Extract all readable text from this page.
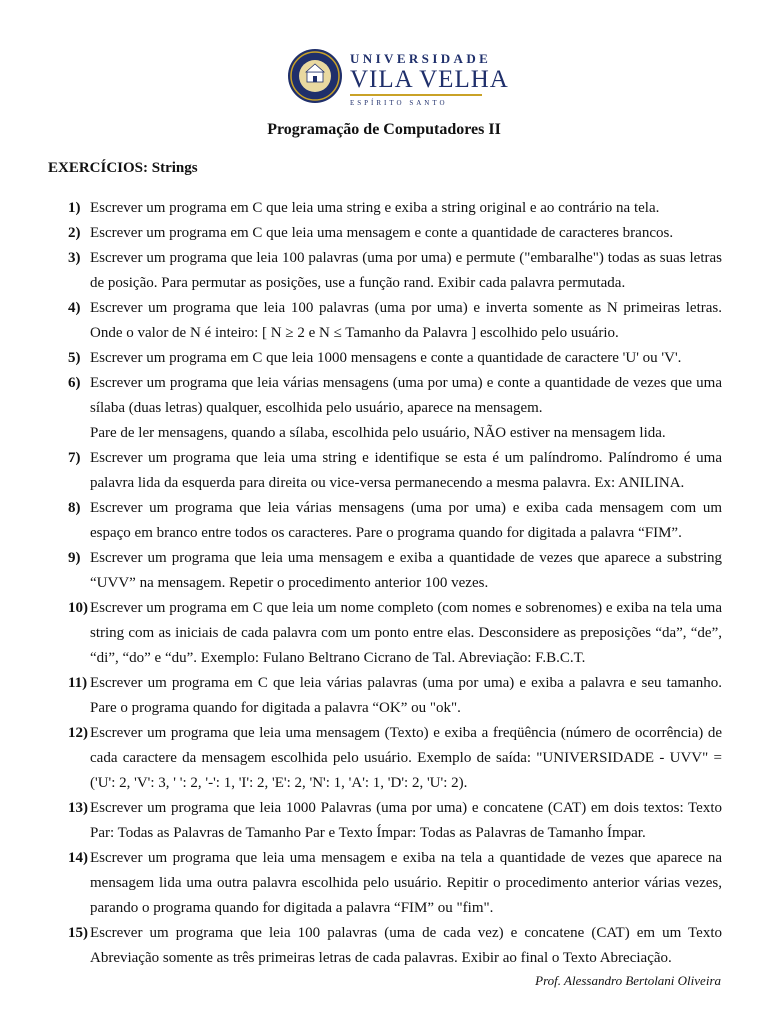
UNIVERSIDADE
VILA VELHA
ESPÍRITO SANTO
Programação de Computadores II
EXERCÍCIOS: Strings
1) Escrever um programa em C que leia uma string e exiba a string original e ao contrário na tela.

2) Escrever um programa em C que leia uma mensagem e conte a quantidade de caracteres brancos.

3) Escrever um programa que leia 100 palavras (uma por uma) e permute ("embaralhe") todas as suas letras de posição. Para permutar as posições, use a função rand. Exibir cada palavra permutada.

4) Escrever um programa que leia 100 palavras (uma por uma) e inverta somente as N primeiras letras. Onde o valor de N é inteiro: [ N ≥ 2 e N ≤ Tamanho da Palavra ] escolhido pelo usuário.

5) Escrever um programa em C que leia 1000 mensagens e conte a quantidade de caractere 'U' ou 'V'.

6) Escrever um programa que leia várias mensagens (uma por uma) e conte a quantidade de vezes que uma sílaba (duas letras) qualquer, escolhida pelo usuário, aparece na mensagem.

Pare de ler mensagens, quando a sílaba, escolhida pelo usuário, NÃO estiver na mensagem lida.

7) Escrever um programa que leia uma string e identifique se esta é um palíndromo. Palíndromo é uma palavra lida da esquerda para direita ou vice-versa permanecendo a mesma palavra. Ex: ANILINA.

8) Escrever um programa que leia várias mensagens (uma por uma) e exiba cada mensagem com um espaço em branco entre todos os caracteres. Pare o programa quando for digitada a palavra “FIM”.

9) Escrever um programa que leia uma mensagem e exiba a quantidade de vezes que aparece a substring “UVV” na mensagem. Repetir o procedimento anterior 100 vezes.

10) Escrever um programa em C que leia um nome completo (com nomes e sobrenomes) e exiba na tela uma string com as iniciais de cada palavra com um ponto entre elas. Desconsidere as preposições “da”, “de”, “di”, “do” e “du”. Exemplo: Fulano Beltrano Cicrano de Tal. Abreviação: F.B.C.T.

11) Escrever um programa em C que leia várias palavras (uma por uma) e exiba a palavra e seu tamanho. Pare o programa quando for digitada a palavra “OK” ou "ok".

12) Escrever um programa que leia uma mensagem (Texto) e exiba a freqüência (número de ocorrência) de cada caractere da mensagem escolhida pelo usuário. Exemplo de saída: "UNIVERSIDADE - UVV" = ('U': 2, 'V': 3, ' ': 2, '-': 1, 'I': 2, 'E': 2, 'N': 1, 'A': 1, 'D': 2, 'U': 2).

13) Escrever um programa que leia 1000 Palavras (uma por uma) e concatene (CAT) em dois textos: Texto Par: Todas as Palavras de Tamanho Par e Texto Ímpar: Todas as Palavras de Tamanho Ímpar.

14) Escrever um programa que leia uma mensagem e exiba na tela a quantidade de vezes que aparece na mensagem lida uma outra palavra escolhida pelo usuário. Repitir o procedimento anterior várias vezes, parando o programa quando for digitada a palavra “FIM” ou "fim".

15) Escrever um programa que leia 100 palavras (uma de cada vez) e concatene (CAT) em um Texto Abreviação somente as três primeiras letras de cada palavras. Exibir ao final o Texto Abreciação.

Prof. Alessandro Bertolani Oliveira
